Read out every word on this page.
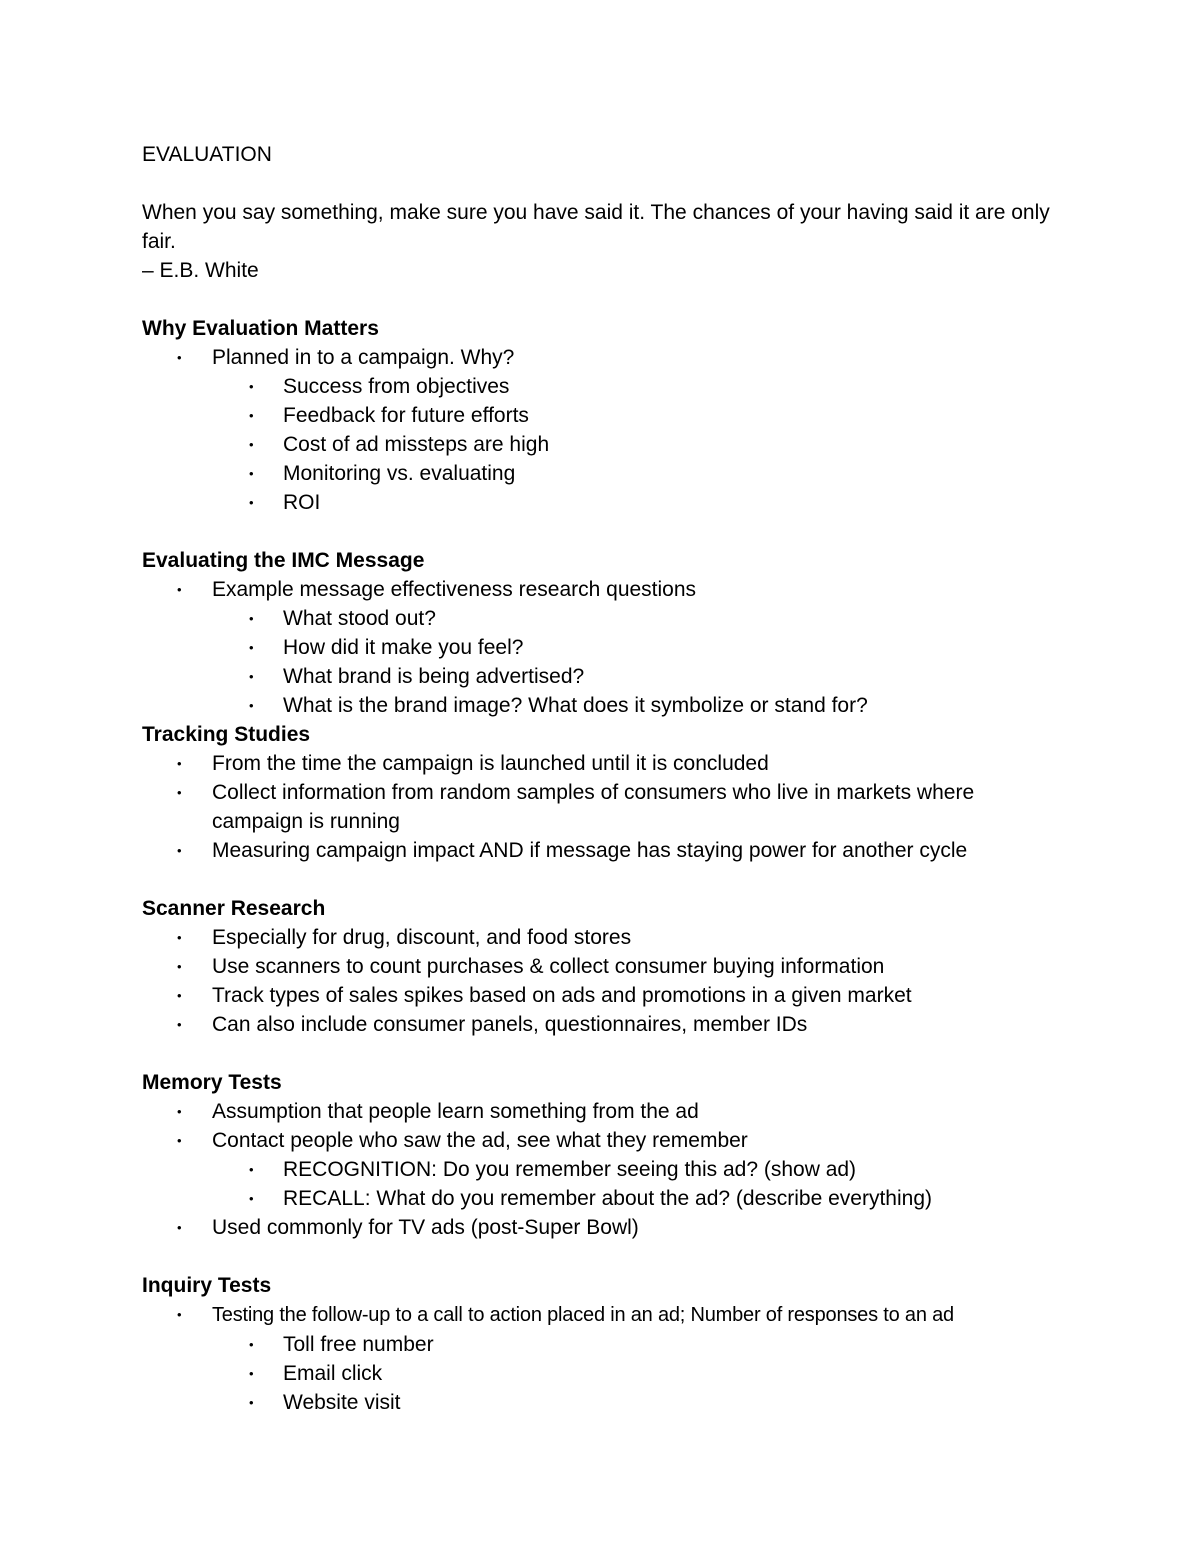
EVALUATION

When you say something, make sure you have said it. The chances of your having said it are only fair.

– E.B. White

Why Evaluation Matters

• Planned in to a campaign. Why?
• Success from objectives
• Feedback for future efforts
• Cost of ad missteps are high
• Monitoring vs. evaluating
• ROI

Evaluating the IMC Message

• Example message effectiveness research questions
• What stood out?
• How did it make you feel?
• What brand is being advertised?
• What is the brand image? What does it symbolize or stand for?

Tracking Studies

• From the time the campaign is launched until it is concluded
• Collect information from random samples of consumers who live in markets where campaign is running
• Measuring campaign impact AND if message has staying power for another cycle

Scanner Research

• Especially for drug, discount, and food stores
• Use scanners to count purchases & collect consumer buying information
• Track types of sales spikes based on ads and promotions in a given market
• Can also include consumer panels, questionnaires, member IDs

Memory Tests

• Assumption that people learn something from the ad
• Contact people who saw the ad, see what they remember
• RECOGNITION: Do you remember seeing this ad? (show ad)
• RECALL: What do you remember about the ad? (describe everything)
• Used commonly for TV ads (post-Super Bowl)

Inquiry Tests

• Testing the follow-up to a call to action placed in an ad; Number of responses to an ad
• Toll free number
• Email click
• Website visit
